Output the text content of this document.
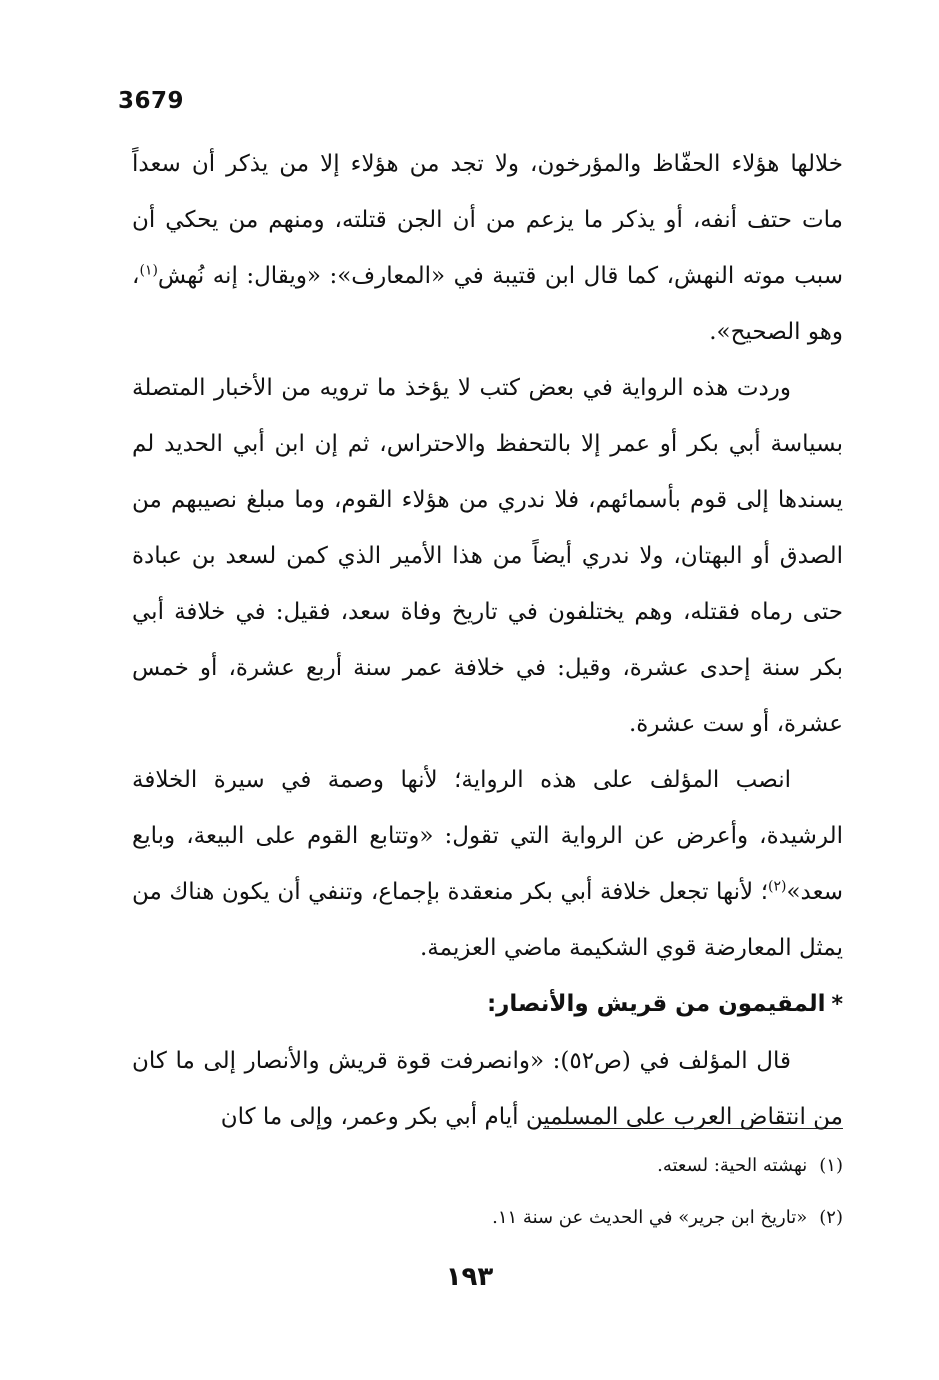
3679

خلالها هؤلاء الحفّاظ والمؤرخون، ولا تجد من هؤلاء إلا من يذكر أن سعداً مات حتف أنفه، أو يذكر ما يزعم من أن الجن قتلته، ومنهم من يحكي أن سبب موته النهش، كما قال ابن قتيبة في «المعارف»: «ويقال: إنه نُهش$^{(١)}$، وهو الصحيح».

وردت هذه الرواية في بعض كتب لا يؤخذ ما ترويه من الأخبار المتصلة بسياسة أبي بكر أو عمر إلا بالتحفظ والاحتراس، ثم إن ابن أبي الحديد لم يسندها إلى قوم بأسمائهم، فلا ندري من هؤلاء القوم، وما مبلغ نصيبهم من الصدق أو البهتان، ولا ندري أيضاً من هذا الأمير الذي كمن لسعد بن عبادة حتى رماه فقتله، وهم يختلفون في تاريخ وفاة سعد، فقيل: في خلافة أبي بكر سنة إحدى عشرة، وقيل: في خلافة عمر سنة أربع عشرة، أو خمس عشرة، أو ست عشرة.

انصب المؤلف على هذه الرواية؛ لأنها وصمة في سيرة الخلافة الرشيدة، وأعرض عن الرواية التي تقول: «وتتابع القوم على البيعة، وبايع سعد»$^{(٢)}$؛ لأنها تجعل خلافة أبي بكر منعقدة بإجماع، وتنفي أن يكون هناك من يمثل المعارضة قوي الشكيمة ماضي العزيمة.

*المقيمون من قريش والأنصار:

قال المؤلف في (ص٥٢): «وانصرفت قوة قريش والأنصار إلى ما كان من انتقاض العرب على المسلمين أيام أبي بكر وعمر، وإلى ما كان

(١)نهشته الحية: لسعته.

(٢)«تاريخ ابن جرير» في الحديث عن سنة ١١.

١٩٣
